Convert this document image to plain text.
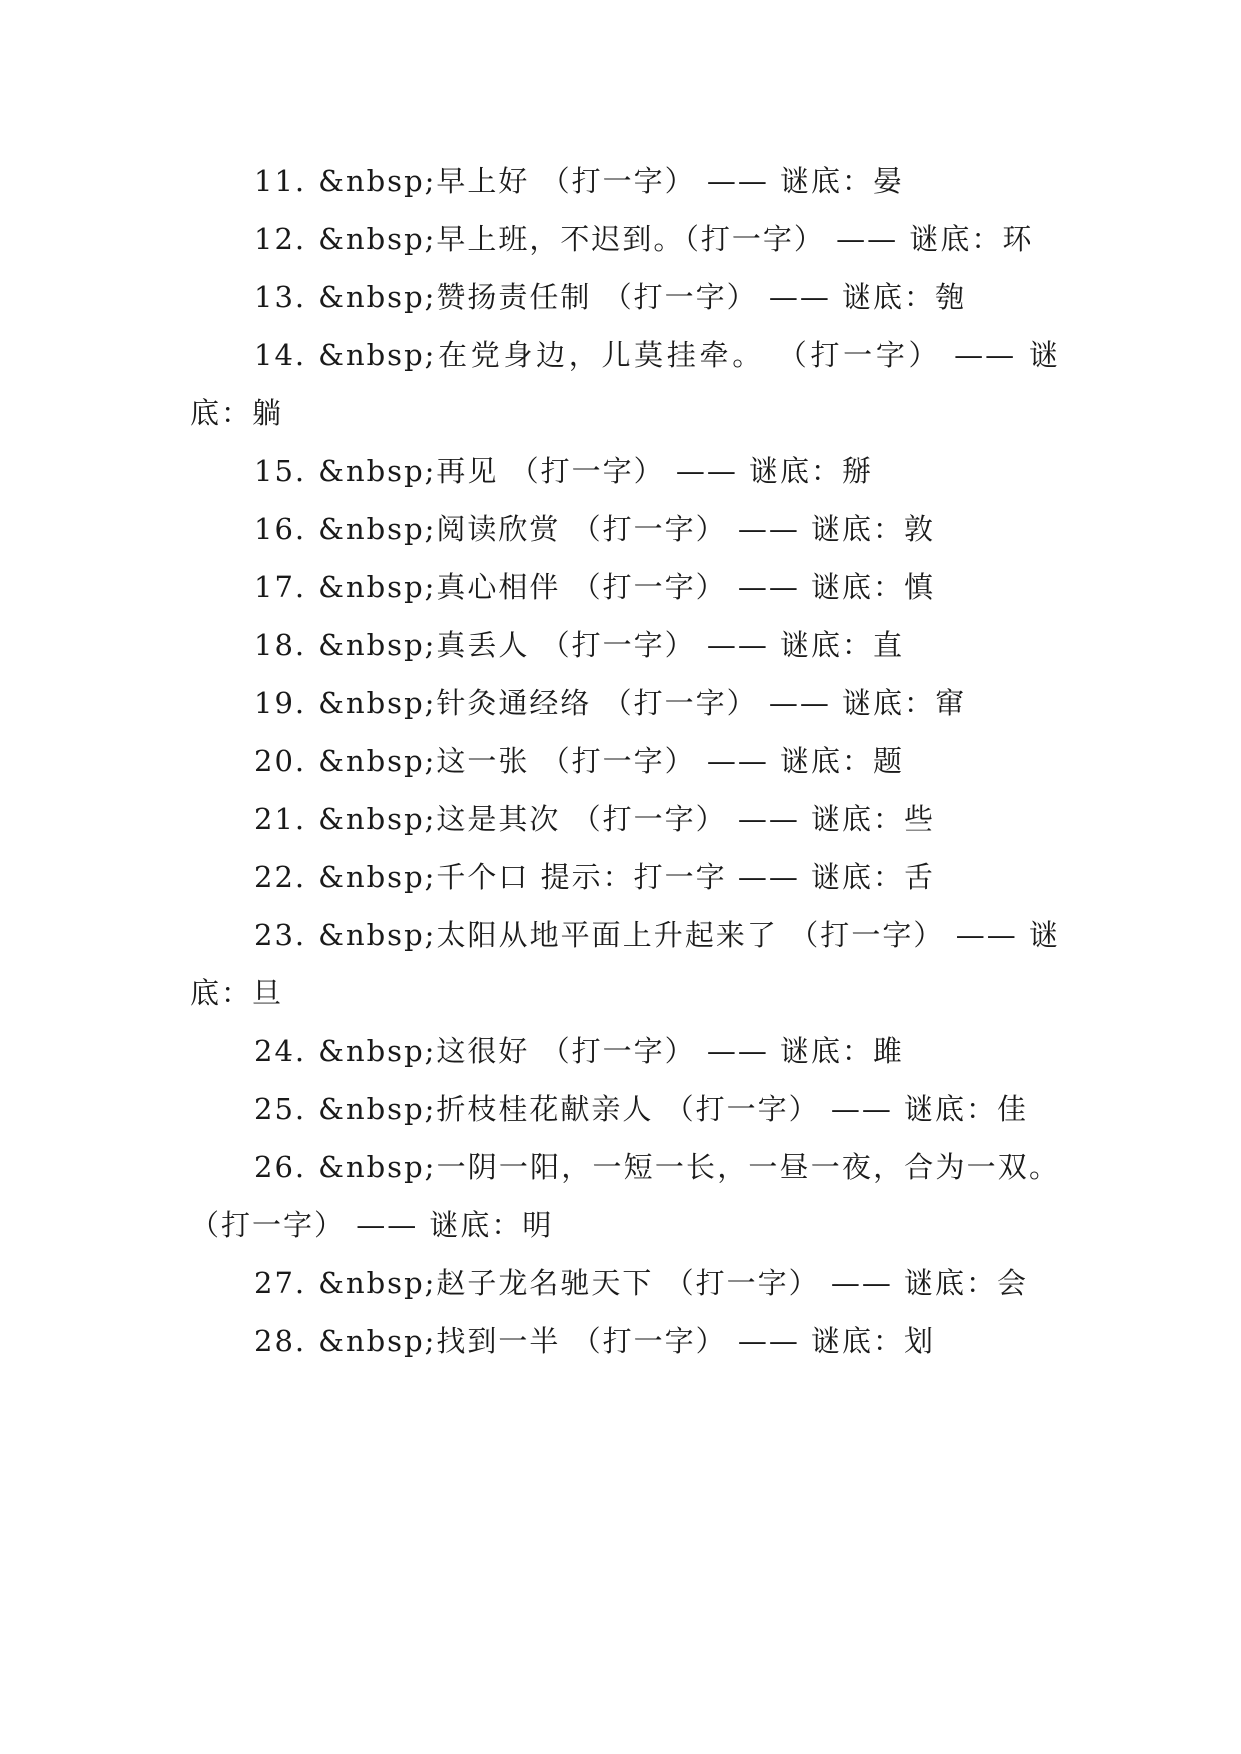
11. &nbsp;早上好 （打一字） —— 谜底：晏
12. &nbsp;早上班，不迟到。（打一字） —— 谜底：环
13. &nbsp;赞扬责任制 （打一字） —— 谜底：匏
14. &nbsp;在党身边，儿莫挂牵。 （打一字） —— 谜底：躺
15. &nbsp;再见 （打一字） —— 谜底：掰
16. &nbsp;阅读欣赏 （打一字） —— 谜底：敦
17. &nbsp;真心相伴 （打一字） —— 谜底：慎
18. &nbsp;真丢人 （打一字） —— 谜底：直
19. &nbsp;针灸通经络 （打一字） —— 谜底：窜
20. &nbsp;这一张 （打一字） —— 谜底：题
21. &nbsp;这是其次 （打一字） —— 谜底：些
22. &nbsp;千个口 提示：打一字 —— 谜底：舌
23. &nbsp;太阳从地平面上升起来了 （打一字） —— 谜底：旦
24. &nbsp;这很好 （打一字） —— 谜底：雎
25. &nbsp;折枝桂花献亲人 （打一字） —— 谜底：佳
26. &nbsp;一阴一阳，一短一长，一昼一夜，合为一双。（打一字） —— 谜底：明
27. &nbsp;赵子龙名驰天下 （打一字） —— 谜底：会
28. &nbsp;找到一半 （打一字） —— 谜底：划
